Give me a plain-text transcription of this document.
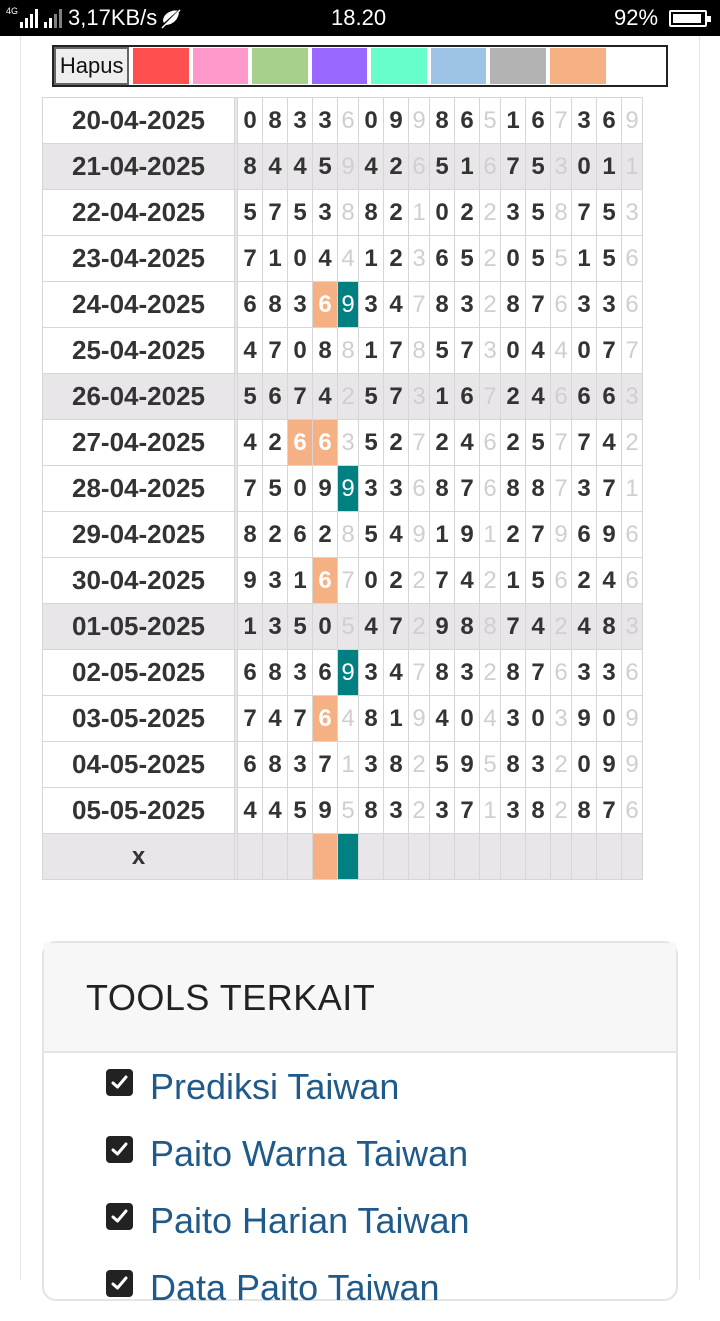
4G 3,17KB/s	18.20	92%
Hapus
20-04-2025		0	8	3	3	6	0	9	9	8	6	5	1	6	7	3	6	9
21-04-2025		8	4	4	5	9	4	2	6	5	1	6	7	5	3	0	1	1
22-04-2025		5	7	5	3	8	8	2	1	0	2	2	3	5	8	7	5	3
23-04-2025		7	1	0	4	4	1	2	3	6	5	2	0	5	5	1	5	6
24-04-2025		6	8	3	6	9	3	4	7	8	3	2	8	7	6	3	3	6
25-04-2025		4	7	0	8	8	1	7	8	5	7	3	0	4	4	0	7	7
26-04-2025		5	6	7	4	2	5	7	3	1	6	7	2	4	6	6	6	3
27-04-2025		4	2	6	6	3	5	2	7	2	4	6	2	5	7	7	4	2
28-04-2025		7	5	0	9	9	3	3	6	8	7	6	8	8	7	3	7	1
29-04-2025		8	2	6	2	8	5	4	9	1	9	1	2	7	9	6	9	6
30-04-2025		9	3	1	6	7	0	2	2	7	4	2	1	5	6	2	4	6
01-05-2025		1	3	5	0	5	4	7	2	9	8	8	7	4	2	4	8	3
02-05-2025		6	8	3	6	9	3	4	7	8	3	2	8	7	6	3	3	6
03-05-2025		7	4	7	6	4	8	1	9	4	0	4	3	0	3	9	0	9
04-05-2025		6	8	3	7	1	3	8	2	5	9	5	8	3	2	0	9	9
05-05-2025		4	4	5	9	5	8	3	2	3	7	1	3	8	2	8	7	6
x																		
TOOLS TERKAIT
Prediksi Taiwan
Paito Warna Taiwan
Paito Harian Taiwan
Data Paito Taiwan
